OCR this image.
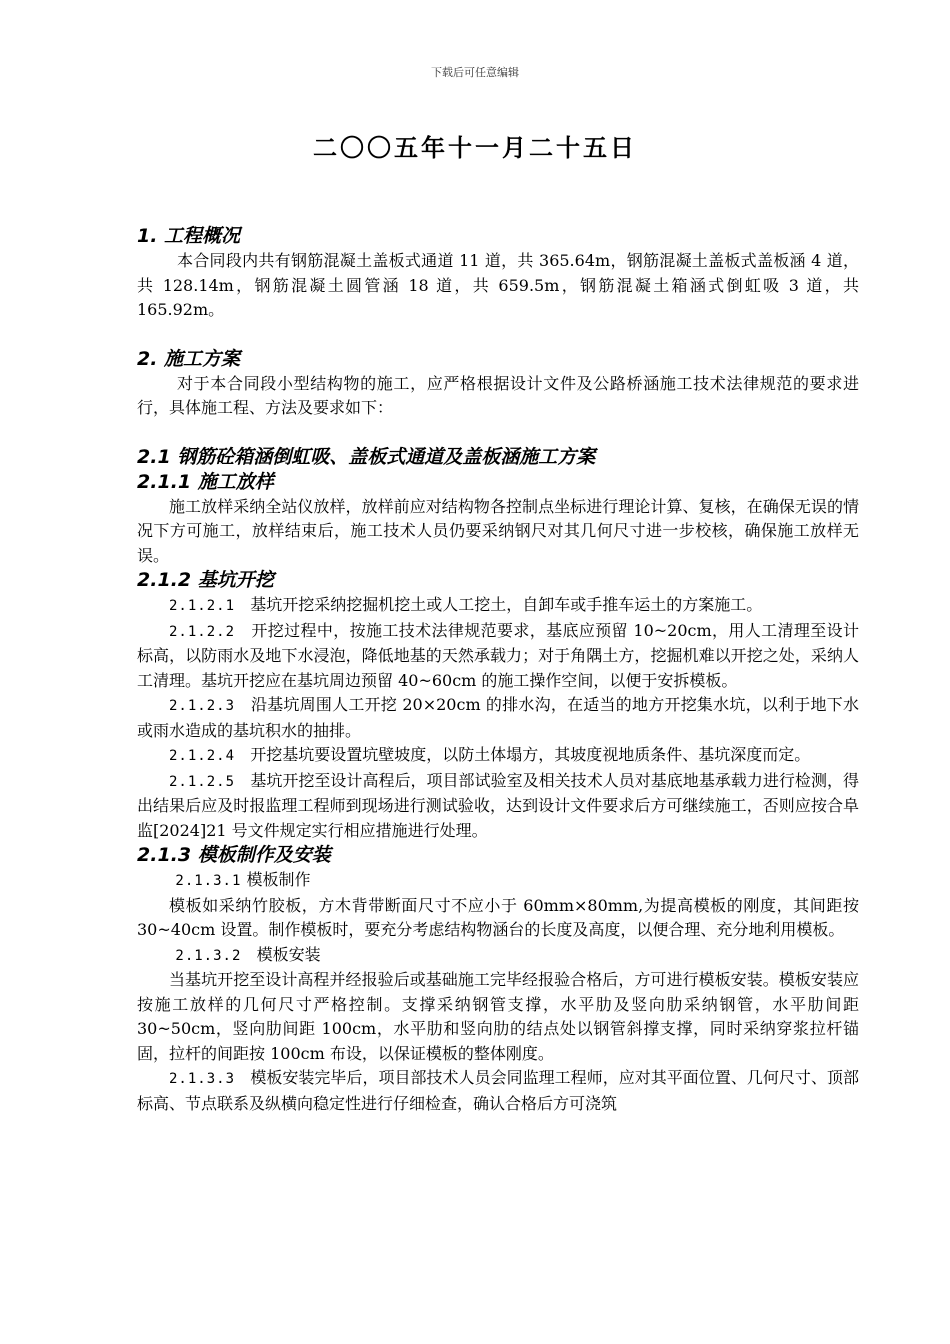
下载后可任意编辑
二〇〇五年十一月二十五日
1. 工程概况

本合同段内共有钢筋混凝土盖板式通道 11 道，共 365.64m，钢筋混凝土盖板式盖板涵 4 道，共 128.14m，钢筋混凝土圆管涵 18 道，共 659.5m，钢筋混凝土箱涵式倒虹吸 3 道，共 165.92m。

2. 施工方案

对于本合同段小型结构物的施工，应严格根据设计文件及公路桥涵施工技术法律规范的要求进行，具体施工程、方法及要求如下：

2.1 钢筋砼箱涵倒虹吸、盖板式通道及盖板涵施工方案
2.1.1 施工放样

施工放样采纳全站仪放样，放样前应对结构物各控制点坐标进行理论计算、复核，在确保无误的情况下方可施工，放样结束后，施工技术人员仍要采纳钢尺对其几何尺寸进一步校核，确保施工放样无误。

2.1.2 基坑开挖

2.1.2.1 基坑开挖采纳挖掘机挖土或人工挖土，自卸车或手推车运土的方案施工。

2.1.2.2 开挖过程中，按施工技术法律规范要求，基底应预留 10~20cm，用人工清理至设计标高，以防雨水及地下水浸泡，降低地基的天然承载力；对于角隅土方，挖掘机难以开挖之处，采纳人工清理。基坑开挖应在基坑周边预留 40~60cm 的施工操作空间，以便于安拆模板。

2.1.2.3 沿基坑周围人工开挖 20×20cm 的排水沟，在适当的地方开挖集水坑，以利于地下水或雨水造成的基坑积水的抽排。

2.1.2.4 开挖基坑要设置坑壁坡度，以防土体塌方，其坡度视地质条件、基坑深度而定。

2.1.2.5 基坑开挖至设计高程后，项目部试验室及相关技术人员对基底地基承载力进行检测，得出结果后应及时报监理工程师到现场进行测试验收，达到设计文件要求后方可继续施工，否则应按合阜监[2024]21 号文件规定实行相应措施进行处理。

2.1.3 模板制作及安装

2.1.3.1 模板制作

模板如采纳竹胶板，方木背带断面尺寸不应小于 60mm×80mm,为提高模板的刚度，其间距按 30~40cm 设置。制作模板时，要充分考虑结构物涵台的长度及高度，以便合理、充分地利用模板。

2.1.3.2 模板安装

当基坑开挖至设计高程并经报验后或基础施工完毕经报验合格后，方可进行模板安装。模板安装应按施工放样的几何尺寸严格控制。支撑采纳钢管支撑，水平肋及竖向肋采纳钢管，水平肋间距 30~50cm，竖向肋间距 100cm，水平肋和竖向肋的结点处以钢管斜撑支撑，同时采纳穿浆拉杆锚固，拉杆的间距按 100cm 布设，以保证模板的整体刚度。

2.1.3.3 模板安装完毕后，项目部技术人员会同监理工程师，应对其平面位置、几何尺寸、顶部标高、节点联系及纵横向稳定性进行仔细检查，确认合格后方可浇筑
